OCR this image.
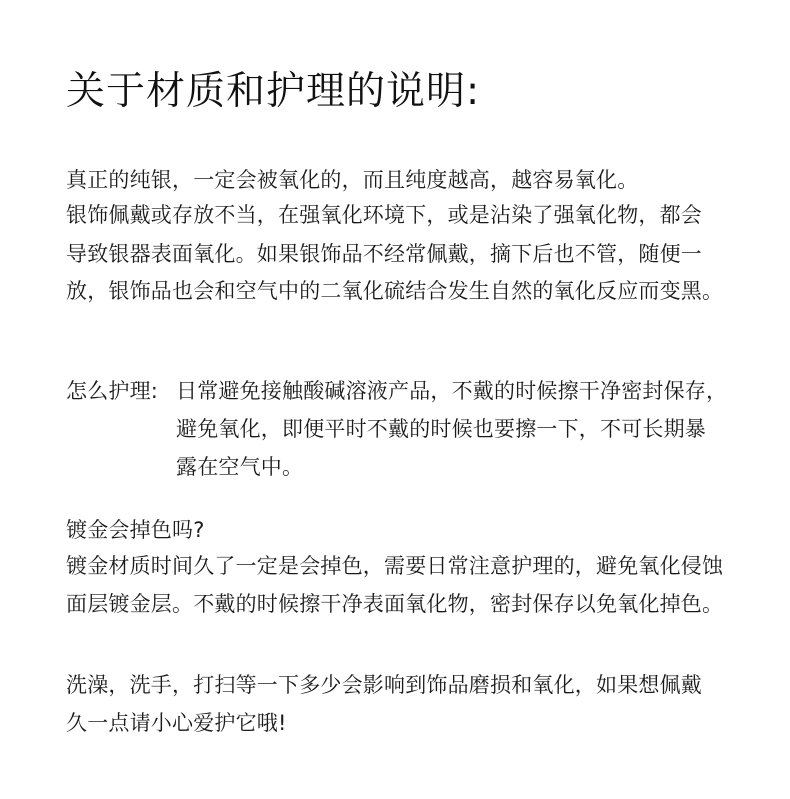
关于材质和护理的说明:
真正的纯银，一定会被氧化的，而且纯度越高，越容易氧化。
银饰佩戴或存放不当，在强氧化环境下，或是沾染了强氧化物，都会
导致银器表面氧化。如果银饰品不经常佩戴，摘下后也不管，随便一
放，银饰品也会和空气中的二氧化硫结合发生自然的氧化反应而变黑。
怎么护理: 日常避免接触酸碱溶液产品，不戴的时候擦干净密封保存，
避免氧化，即便平时不戴的时候也要擦一下，不可长期暴
露在空气中。
镀金会掉色吗?
镀金材质时间久了一定是会掉色，需要日常注意护理的，避免氧化侵蚀
面层镀金层。不戴的时候擦干净表面氧化物，密封保存以免氧化掉色。
洗澡，洗手，打扫等一下多少会影响到饰品磨损和氧化，如果想佩戴
久一点请小心爱护它哦!
